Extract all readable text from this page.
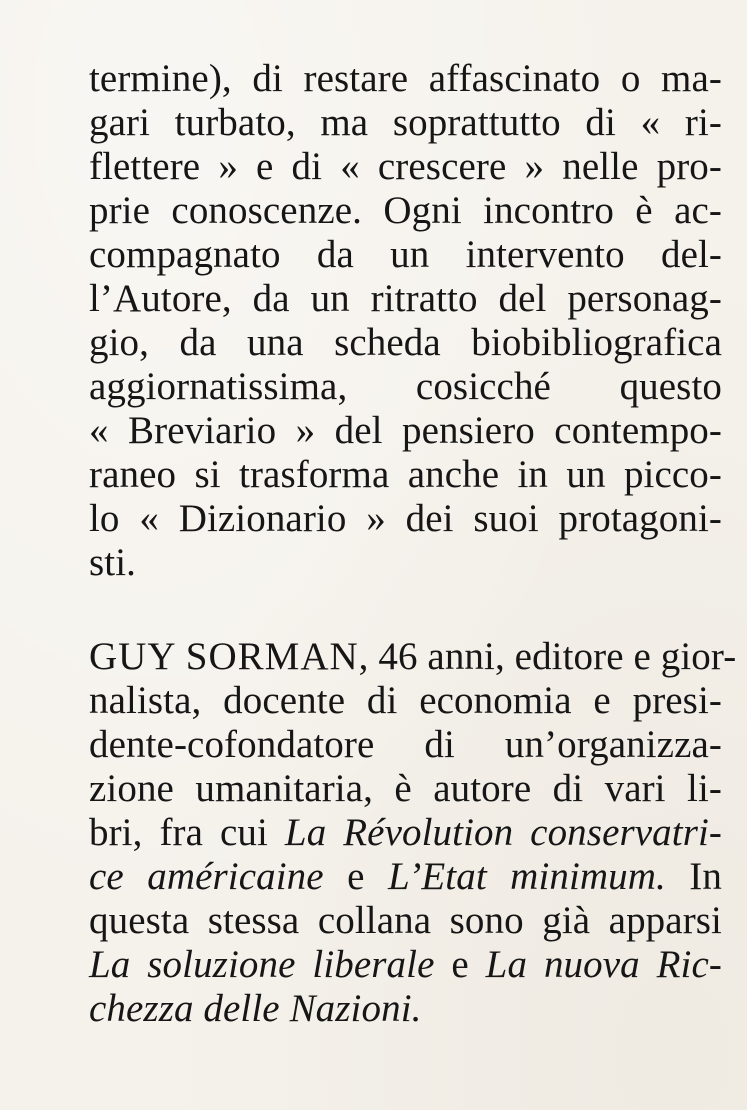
termine), di restare affascinato o ma-
gari turbato, ma soprattutto di « ri-
flettere » e di « crescere » nelle pro-
prie conoscenze. Ogni incontro è ac-
compagnato da un intervento del-
l’Autore, da un ritratto del personag-
gio, da una scheda biobibliografica
aggiornatissima, cosicché questo
« Breviario » del pensiero contempo-
raneo si trasforma anche in un picco-
lo « Dizionario » dei suoi protagoni-
sti.
GUY SORMAN, 46 anni, editore e gior-
nalista, docente di economia e presi-
dente-cofondatore di un’organizza-
zione umanitaria, è autore di vari li-
bri, fra cui La Révolution conservatri-
ce américaine e L’Etat minimum. In
questa stessa collana sono già apparsi
La soluzione liberale e La nuova Ric-
chezza delle Nazioni.
